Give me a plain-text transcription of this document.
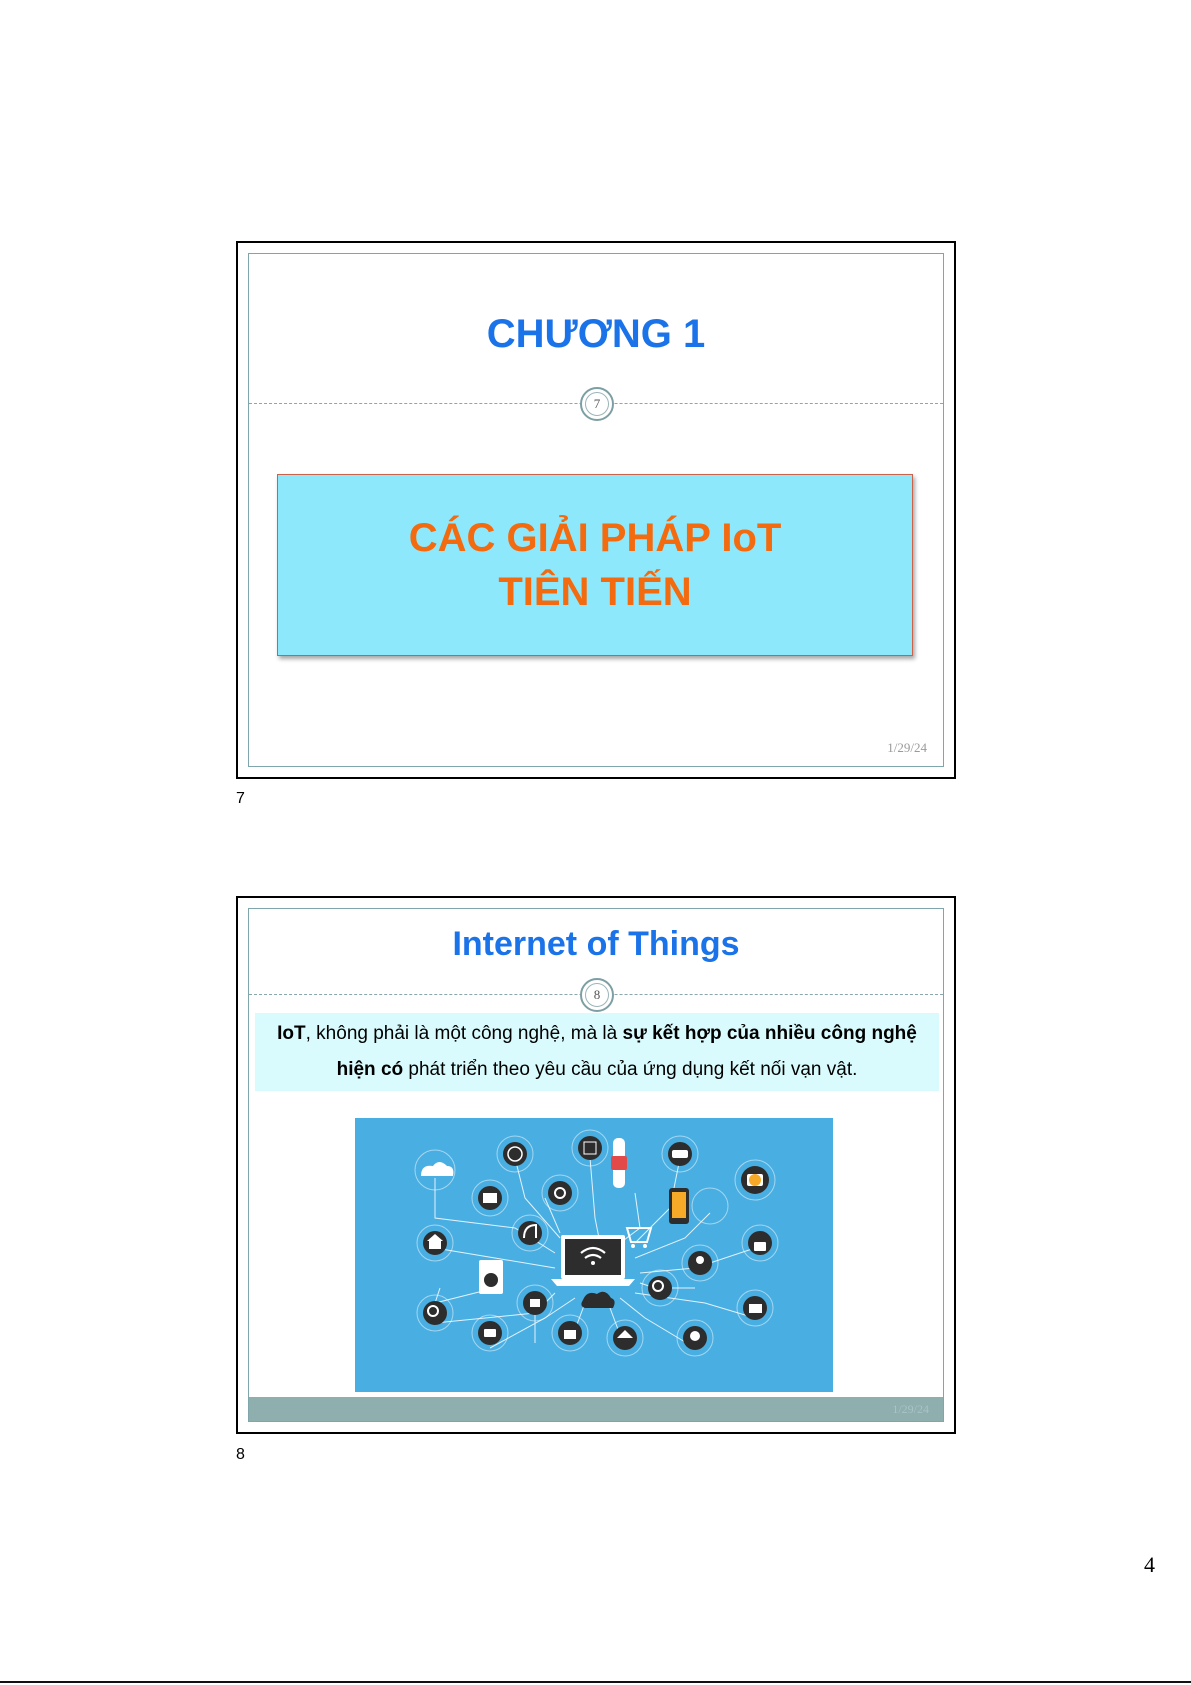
CHƯƠNG 1
7
1/29/24
CÁC GIẢI PHÁP IoT
TIÊN TIẾN
7
Internet of Things
8
IoT, không phải là một công nghệ, mà là sự kết hợp của nhiều công nghệ hiện có phát triển theo yêu cầu của ứng dụng kết nối vạn vật.
1/29/24
8
4
